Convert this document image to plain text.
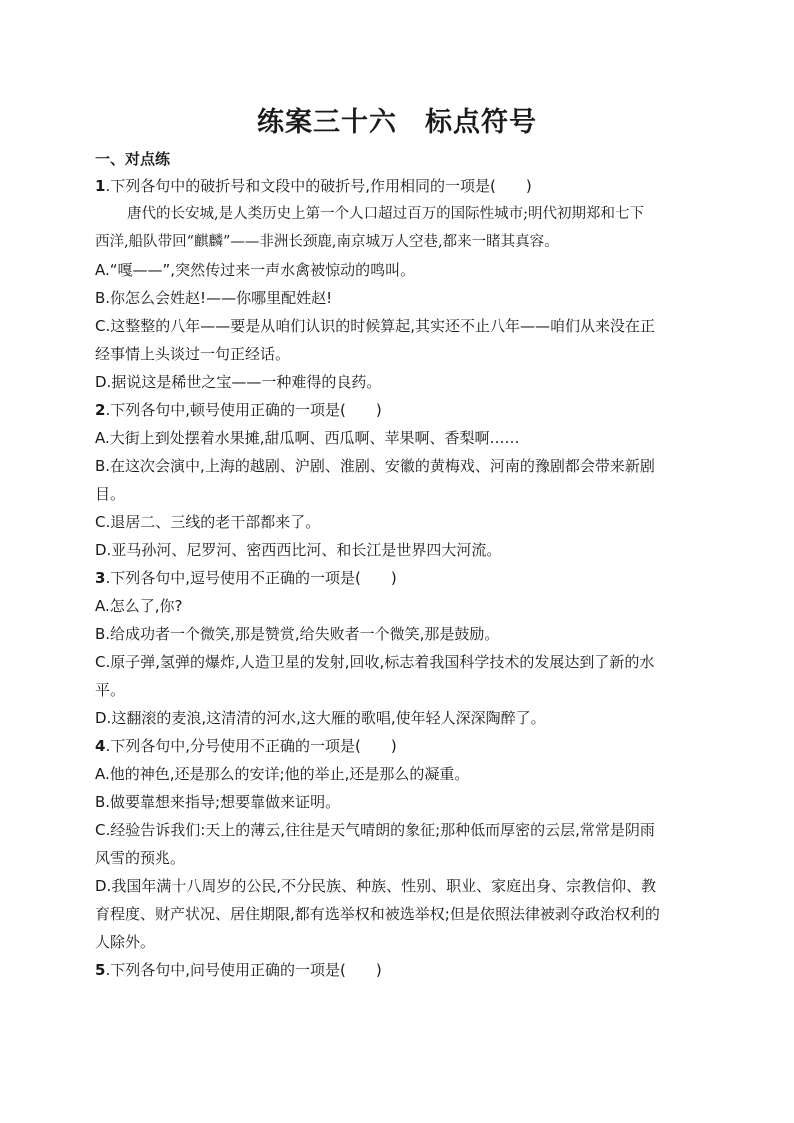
练案三十六　标点符号
一、对点练
1.下列各句中的破折号和文段中的破折号,作用相同的一项是(　　)
唐代的长安城,是人类历史上第一个人口超过百万的国际性城市;明代初期郑和七下
西洋,船队带回“麒麟”——非洲长颈鹿,南京城万人空巷,都来一睹其真容。
A.“嘎——”,突然传过来一声水禽被惊动的鸣叫。
B.你怎么会姓赵!——你哪里配姓赵!
C.这整整的八年——要是从咱们认识的时候算起,其实还不止八年——咱们从来没在正
经事情上头谈过一句正经话。
D.据说这是稀世之宝——一种难得的良药。
2.下列各句中,顿号使用正确的一项是(　　)
A.大街上到处摆着水果摊,甜瓜啊、西瓜啊、苹果啊、香梨啊……
B.在这次会演中,上海的越剧、沪剧、淮剧、安徽的黄梅戏、河南的豫剧都会带来新剧
目。
C.退居二、三线的老干部都来了。
D.亚马孙河、尼罗河、密西西比河、和长江是世界四大河流。
3.下列各句中,逗号使用不正确的一项是(　　)
A.怎么了,你?
B.给成功者一个微笑,那是赞赏,给失败者一个微笑,那是鼓励。
C.原子弹,氢弹的爆炸,人造卫星的发射,回收,标志着我国科学技术的发展达到了新的水
平。
D.这翻滚的麦浪,这清清的河水,这大雁的歌唱,使年轻人深深陶醉了。
4.下列各句中,分号使用不正确的一项是(　　)
A.他的神色,还是那么的安详;他的举止,还是那么的凝重。
B.做要靠想来指导;想要靠做来证明。
C.经验告诉我们:天上的薄云,往往是天气晴朗的象征;那种低而厚密的云层,常常是阴雨
风雪的预兆。
D.我国年满十八周岁的公民,不分民族、种族、性别、职业、家庭出身、宗教信仰、教
育程度、财产状况、居住期限,都有选举权和被选举权;但是依照法律被剥夺政治权利的
人除外。
5.下列各句中,问号使用正确的一项是(　　)
